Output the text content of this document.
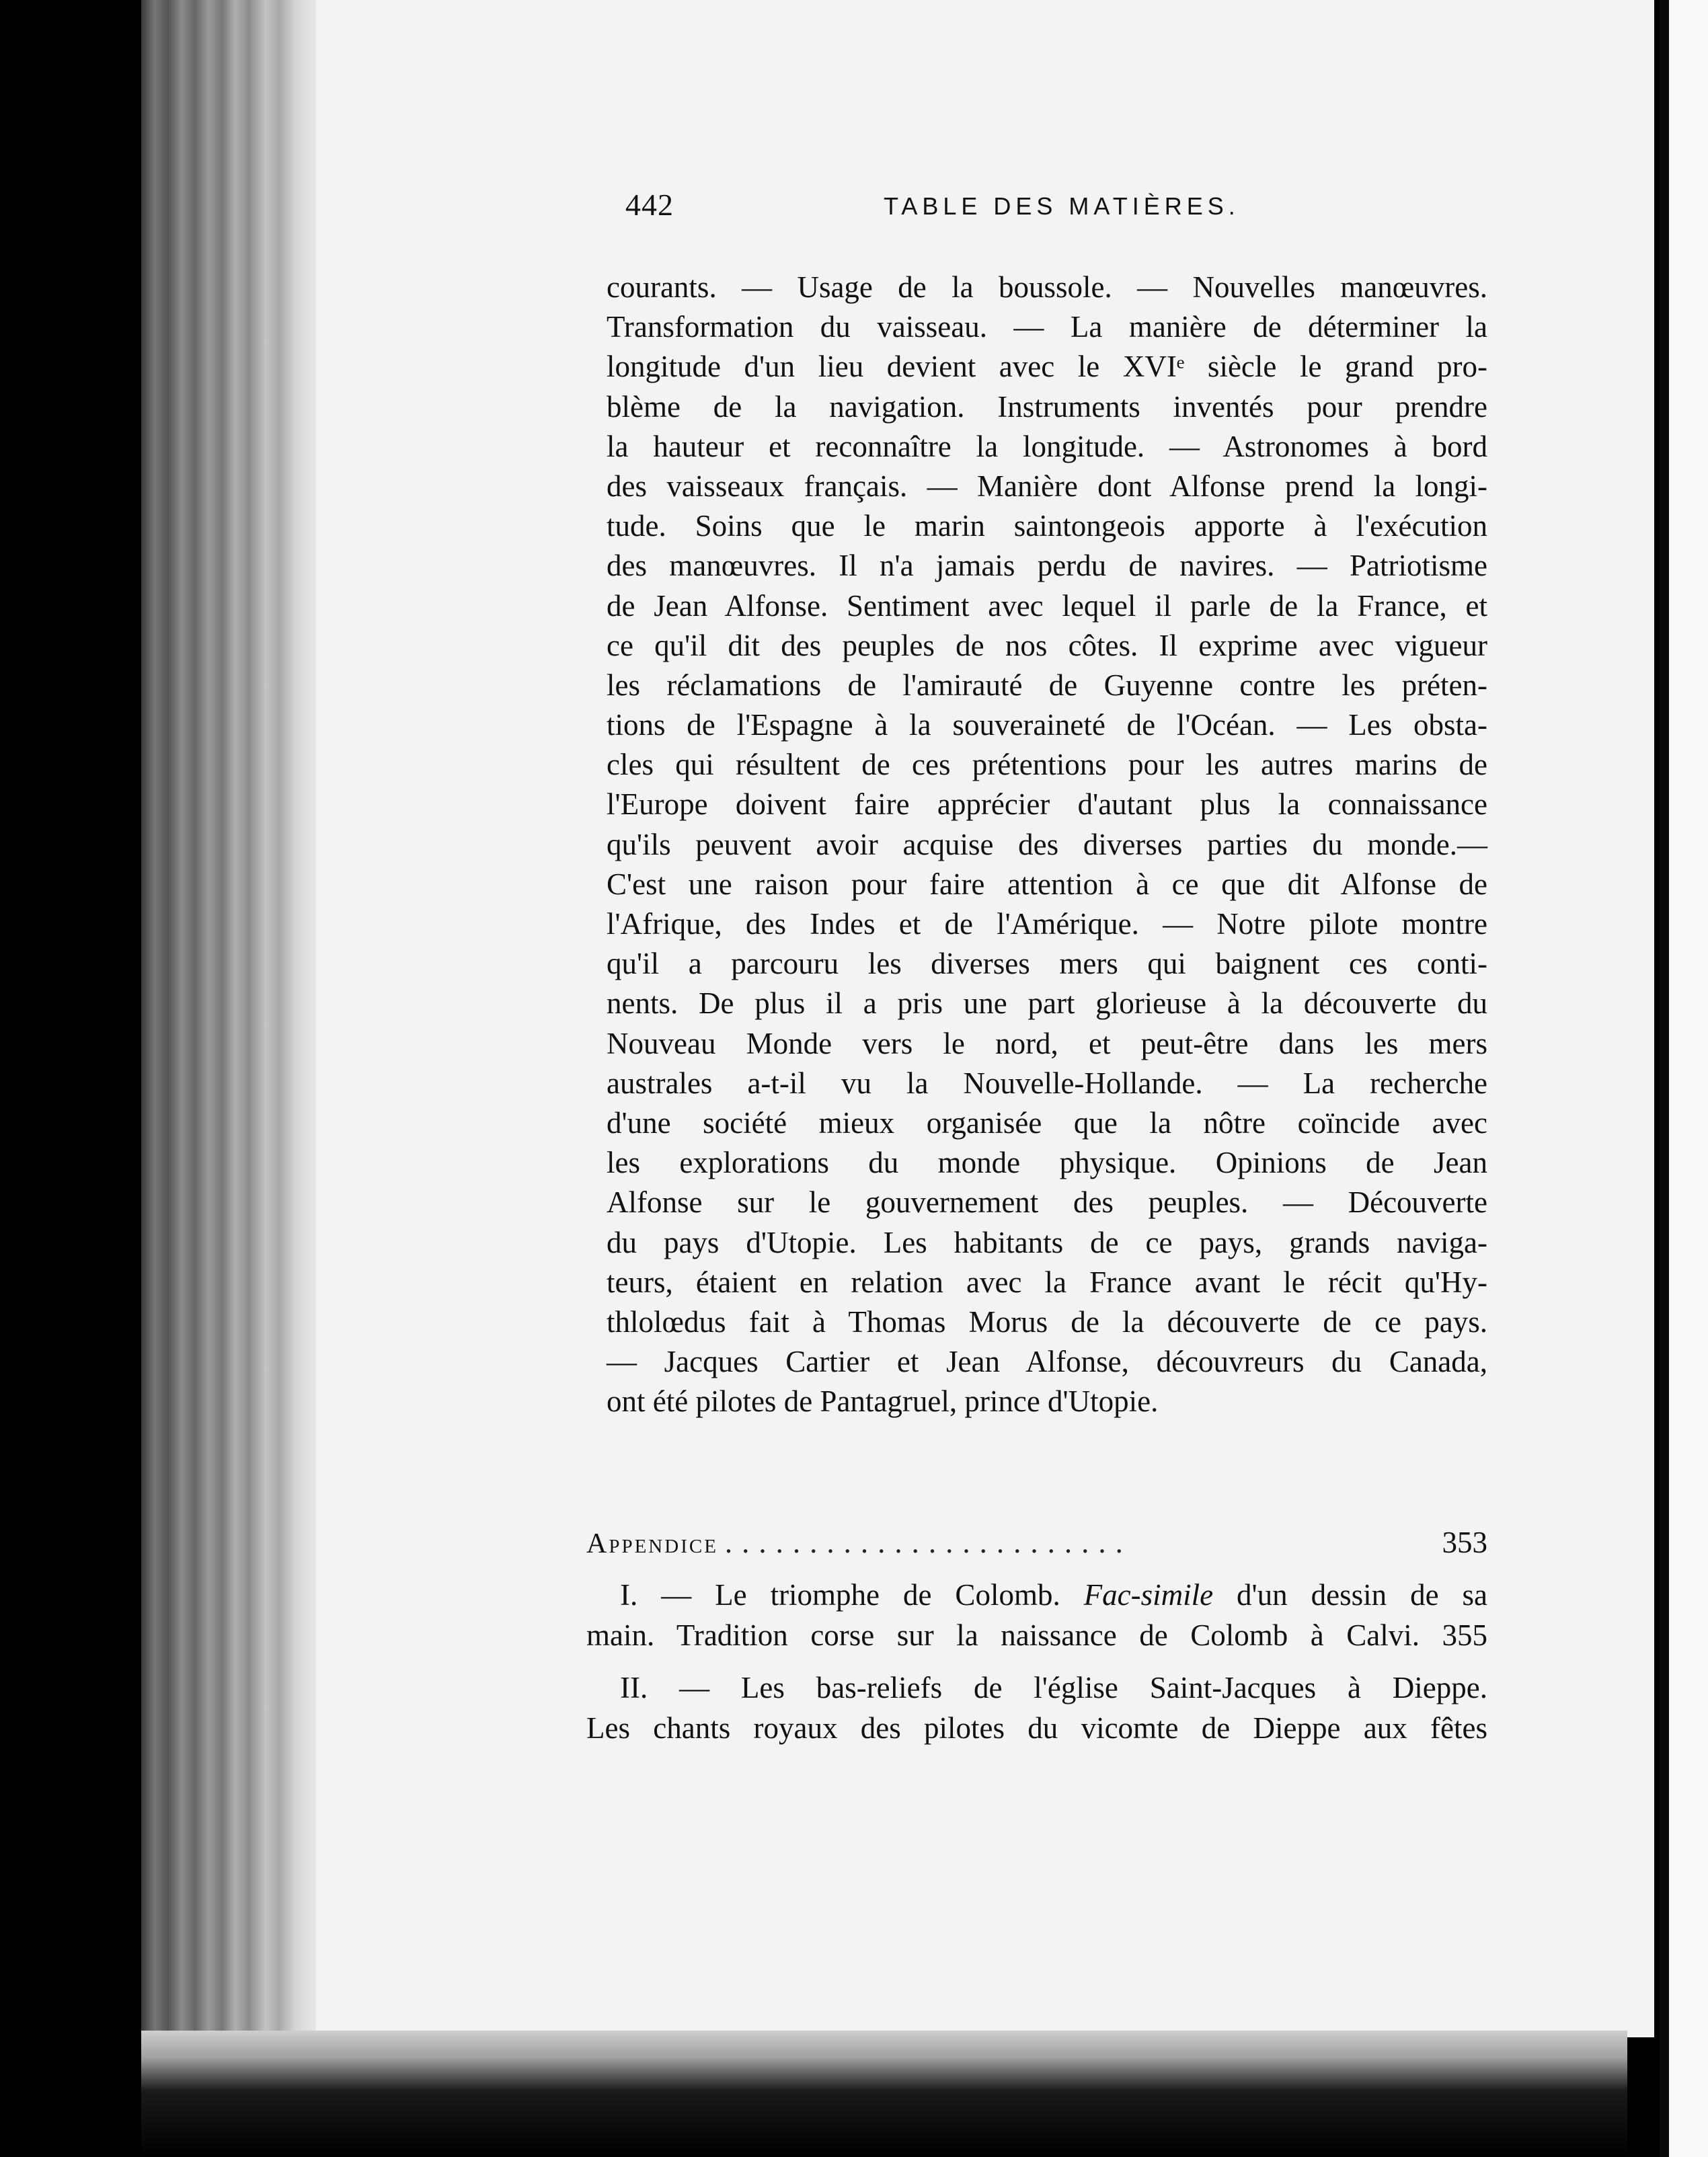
442	TABLE DES MATIÈRES.
courants. — Usage de la boussole. — Nouvelles manœuvres.
Transformation du vaisseau. — La manière de déterminer la
longitude d'un lieu devient avec le XVIᵉ siècle le grand pro-
blème de la navigation. Instruments inventés pour prendre
la hauteur et reconnaître la longitude. — Astronomes à bord
des vaisseaux français. — Manière dont Alfonse prend la longi-
tude. Soins que le marin saintongeois apporte à l'exécution
des manœuvres. Il n'a jamais perdu de navires. — Patriotisme
de Jean Alfonse. Sentiment avec lequel il parle de la France, et
ce qu'il dit des peuples de nos côtes. Il exprime avec vigueur
les réclamations de l'amirauté de Guyenne contre les préten-
tions de l'Espagne à la souveraineté de l'Océan. — Les obsta-
cles qui résultent de ces prétentions pour les autres marins de
l'Europe doivent faire apprécier d'autant plus la connaissance
qu'ils peuvent avoir acquise des diverses parties du monde.—
C'est une raison pour faire attention à ce que dit Alfonse de
l'Afrique, des Indes et de l'Amérique. — Notre pilote montre
qu'il a parcouru les diverses mers qui baignent ces conti-
nents. De plus il a pris une part glorieuse à la découverte du
Nouveau Monde vers le nord, et peut-être dans les mers
australes a-t-il vu la Nouvelle-Hollande. — La recherche
d'une société mieux organisée que la nôtre coïncide avec
les explorations du monde physique. Opinions de Jean
Alfonse sur le gouvernement des peuples. — Découverte
du pays d'Utopie. Les habitants de ce pays, grands naviga-
teurs, étaient en relation avec la France avant le récit qu'Hy-
thlolœdus fait à Thomas Morus de la découverte de ce pays.
— Jacques Cartier et Jean Alfonse, découvreurs du Canada,
ont été pilotes de Pantagruel, prince d'Utopie.
Appendice ........................	353
I. — Le triomphe de Colomb. Fac-simile d'un dessin de sa
main. Tradition corse sur la naissance de Colomb à Calvi. 355
II. — Les bas-reliefs de l'église Saint-Jacques à Dieppe.
Les chants royaux des pilotes du vicomte de Dieppe aux fêtes
